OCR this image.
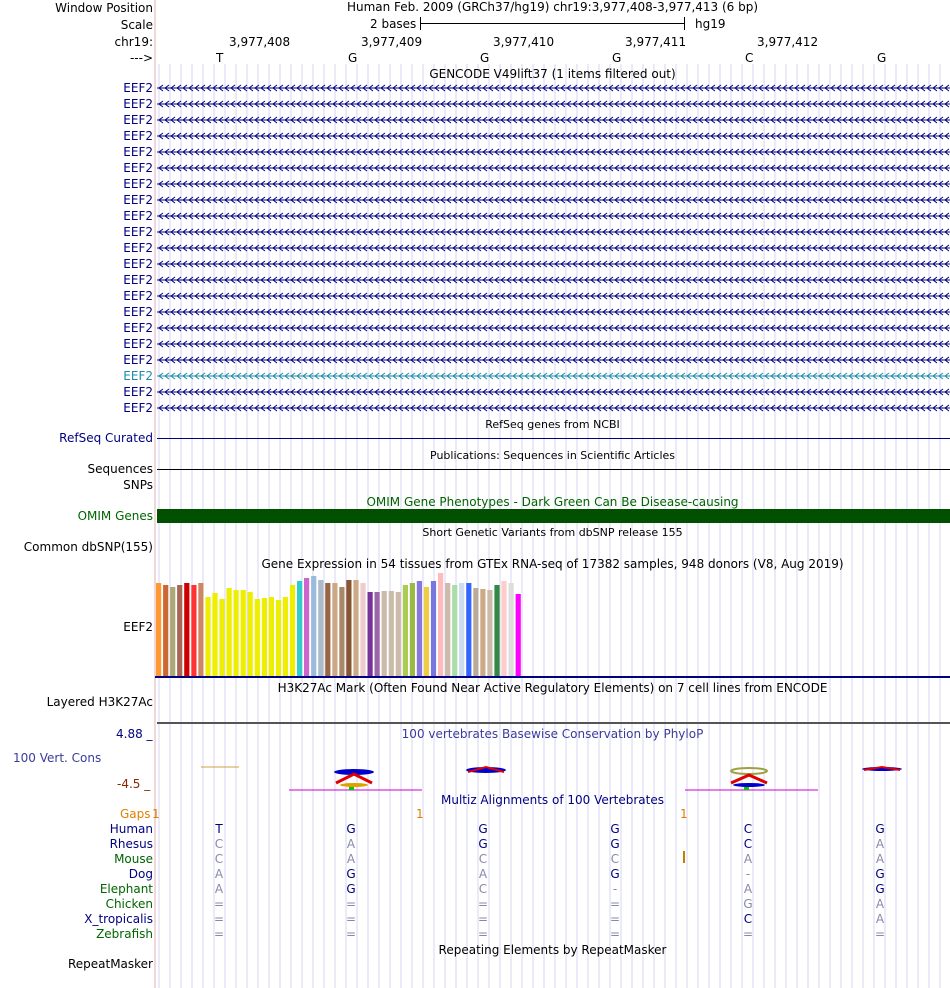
Window Position
Scale
chr19:
--->
Human Feb. 2009 (GRCh37/hg19) chr19:3,977,408-3,977,413 (6 bp)
2 bases	hg19
3,977,408	3,977,409	3,977,410	3,977,411	3,977,412
T	G	G	G	C	G
GENCODE V49lift37 (1 items filtered out)
EEF2
EEF2
EEF2
EEF2
EEF2
EEF2
EEF2
EEF2
EEF2
EEF2
EEF2
EEF2
EEF2
EEF2
EEF2
EEF2
EEF2
EEF2
EEF2
EEF2
EEF2
RefSeq genes from NCBI
RefSeq Curated
Publications: Sequences in Scientific Articles
Sequences
SNPs
OMIM Gene Phenotypes - Dark Green Can Be Disease-causing
OMIM Genes
Short Genetic Variants from dbSNP release 155
Common dbSNP(155)
Gene Expression in 54 tissues from GTEx RNA-seq of 17382 samples, 948 donors (V8, Aug 2019)
EEF2
H3K27Ac Mark (Often Found Near Active Regulatory Elements) on 7 cell lines from ENCODE
Layered H3K27Ac
4.88 _	100 vertebrates Basewise Conservation by PhyloP
100 Vert. Cons
-4.5 _
Multiz Alignments of 100 Vertebrates
Gaps 1	1	1
Human	T	G	G	G	C	G
Rhesus	C	A	G	G	C	A
Mouse	C	A	C	C	A	A
Dog	A	G	A	G	-	G
Elephant	A	G	C	-	A	G
Chicken	=	=	=	=	G	A
X_tropicalis	=	=	=	=	C	A
Zebrafish	=	=	=	=	=	=
Repeating Elements by RepeatMasker
RepeatMasker
